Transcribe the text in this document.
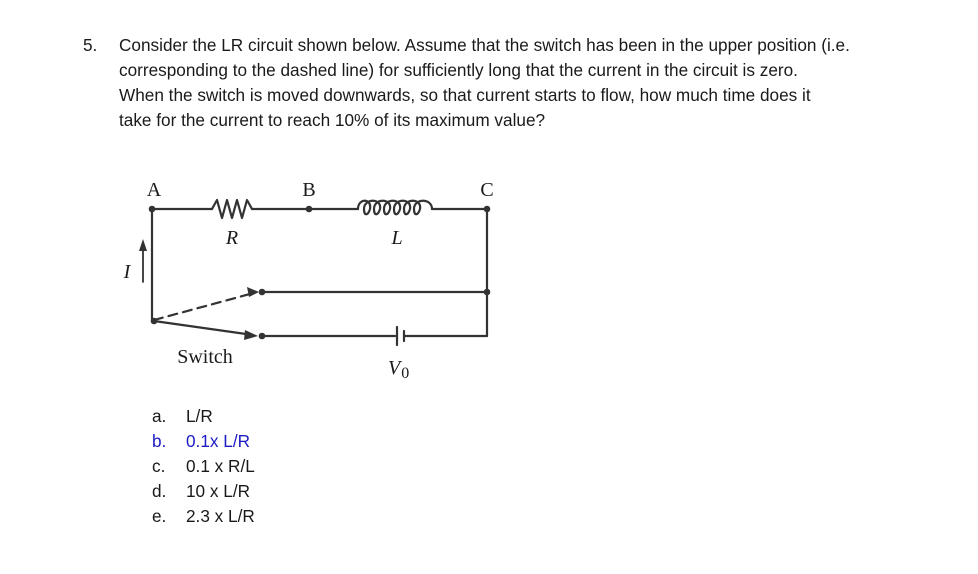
5. Consider the LR circuit shown below. Assume that the switch has been in the upper position (i.e.
corresponding to the dashed line) for sufficiently long that the current in the circuit is zero.
When the switch is moved downwards, so that current starts to flow, how much time does it
take for the current to reach 10% of its maximum value?
A	B	C
R	L
I
Switch	$V_0$
a. L/R
b. 0.1x L/R
c. 0.1 x R/L
d. 10 x L/R
e. 2.3 x L/R
